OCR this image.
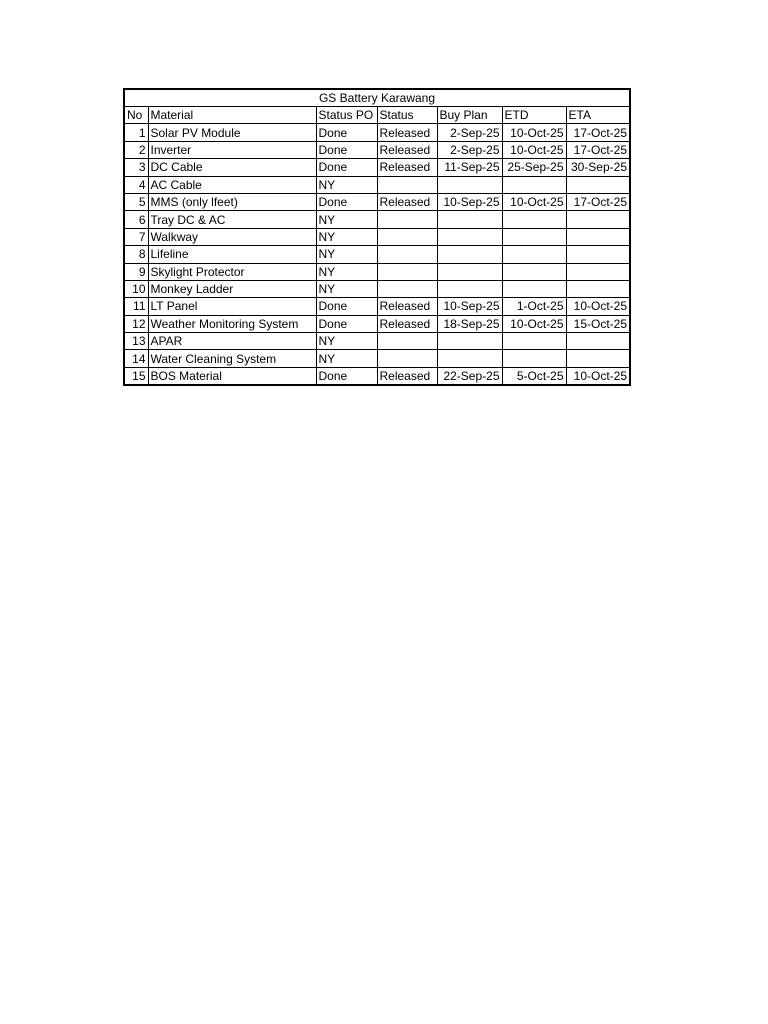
GS Battery Karawang						
No	Material	Status PO	Status	Buy Plan	ETD	ETA
1	Solar PV Module	Done	Released	2-Sep-25	10-Oct-25	17-Oct-25
2	Inverter	Done	Released	2-Sep-25	10-Oct-25	17-Oct-25
3	DC Cable	Done	Released	11-Sep-25	25-Sep-25	30-Sep-25
4	AC Cable	NY				
5	MMS (only lfeet)	Done	Released	10-Sep-25	10-Oct-25	17-Oct-25
6	Tray DC & AC	NY				
7	Walkway	NY				
8	Lifeline	NY				
9	Skylight Protector	NY				
10	Monkey Ladder	NY				
11	LT Panel	Done	Released	10-Sep-25	1-Oct-25	10-Oct-25
12	Weather Monitoring System	Done	Released	18-Sep-25	10-Oct-25	15-Oct-25
13	APAR	NY				
14	Water Cleaning System	NY				
15	BOS Material	Done	Released	22-Sep-25	5-Oct-25	10-Oct-25
